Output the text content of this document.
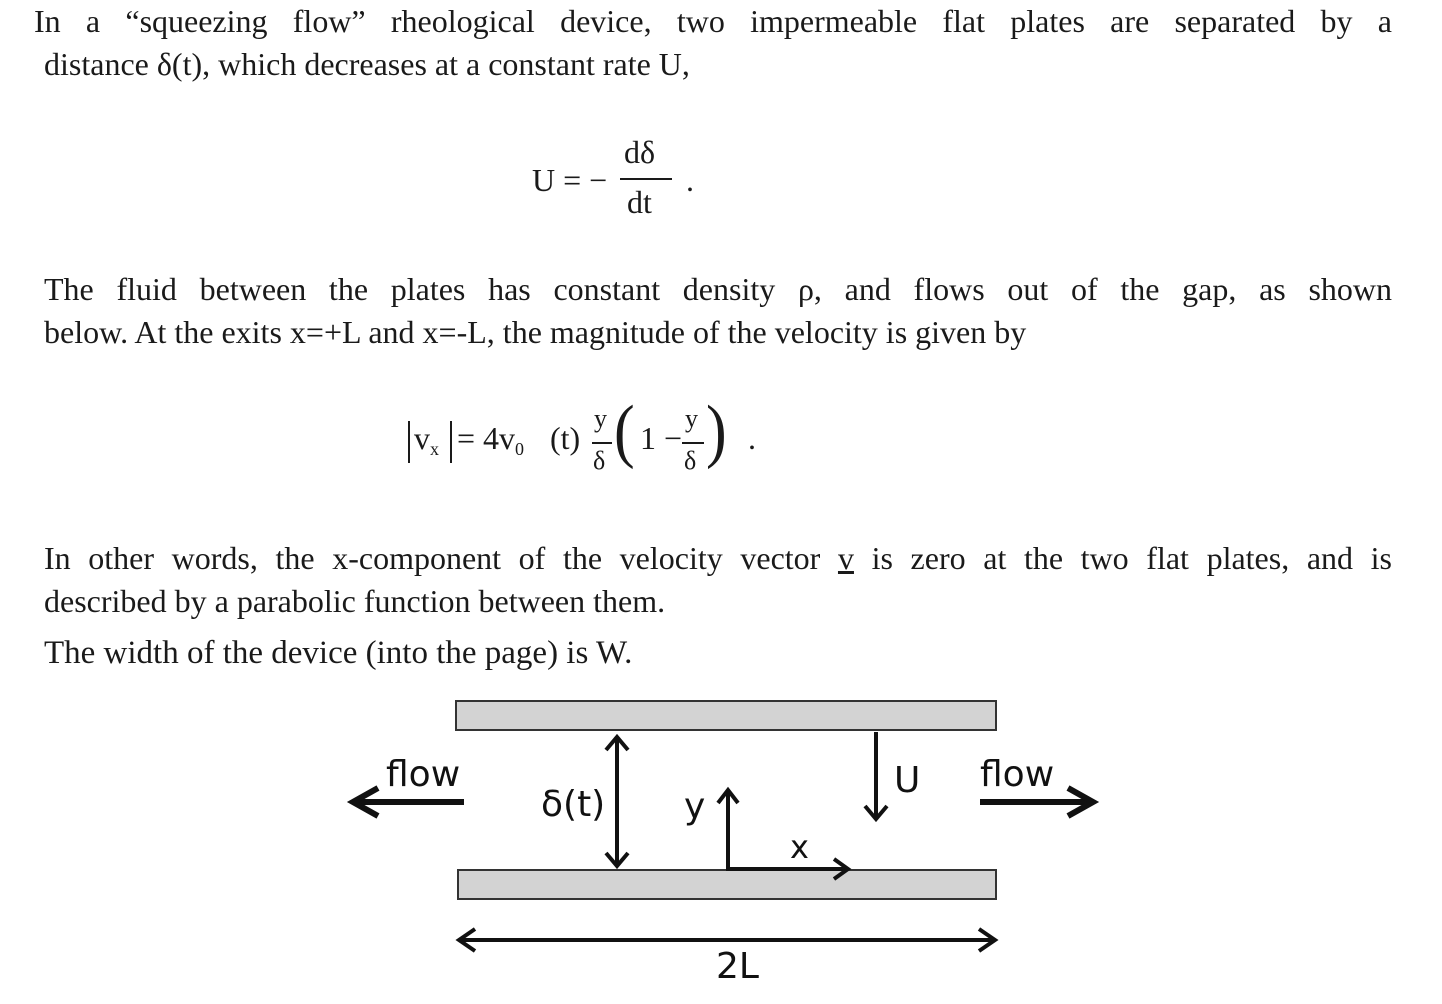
In a “squeezing flow” rheological device, two impermeable flat plates are separated by a
distance δ(t), which decreases at a constant rate U,
U = −
dδ
dt
.
The fluid between the plates has constant density ρ, and flows out of the gap, as shown
below. At the exits x=+L and x=-L, the magnitude of the velocity is given by
vx = 4v0 (t)
y
δ ( 1 −
y
δ ) .
In other words, the x-component of the velocity vector v is zero at the two flat plates, and is
described by a parabolic function between them.
The width of the device (into the page) is W.
flow	flow
δ(t) y
x
U
2L
